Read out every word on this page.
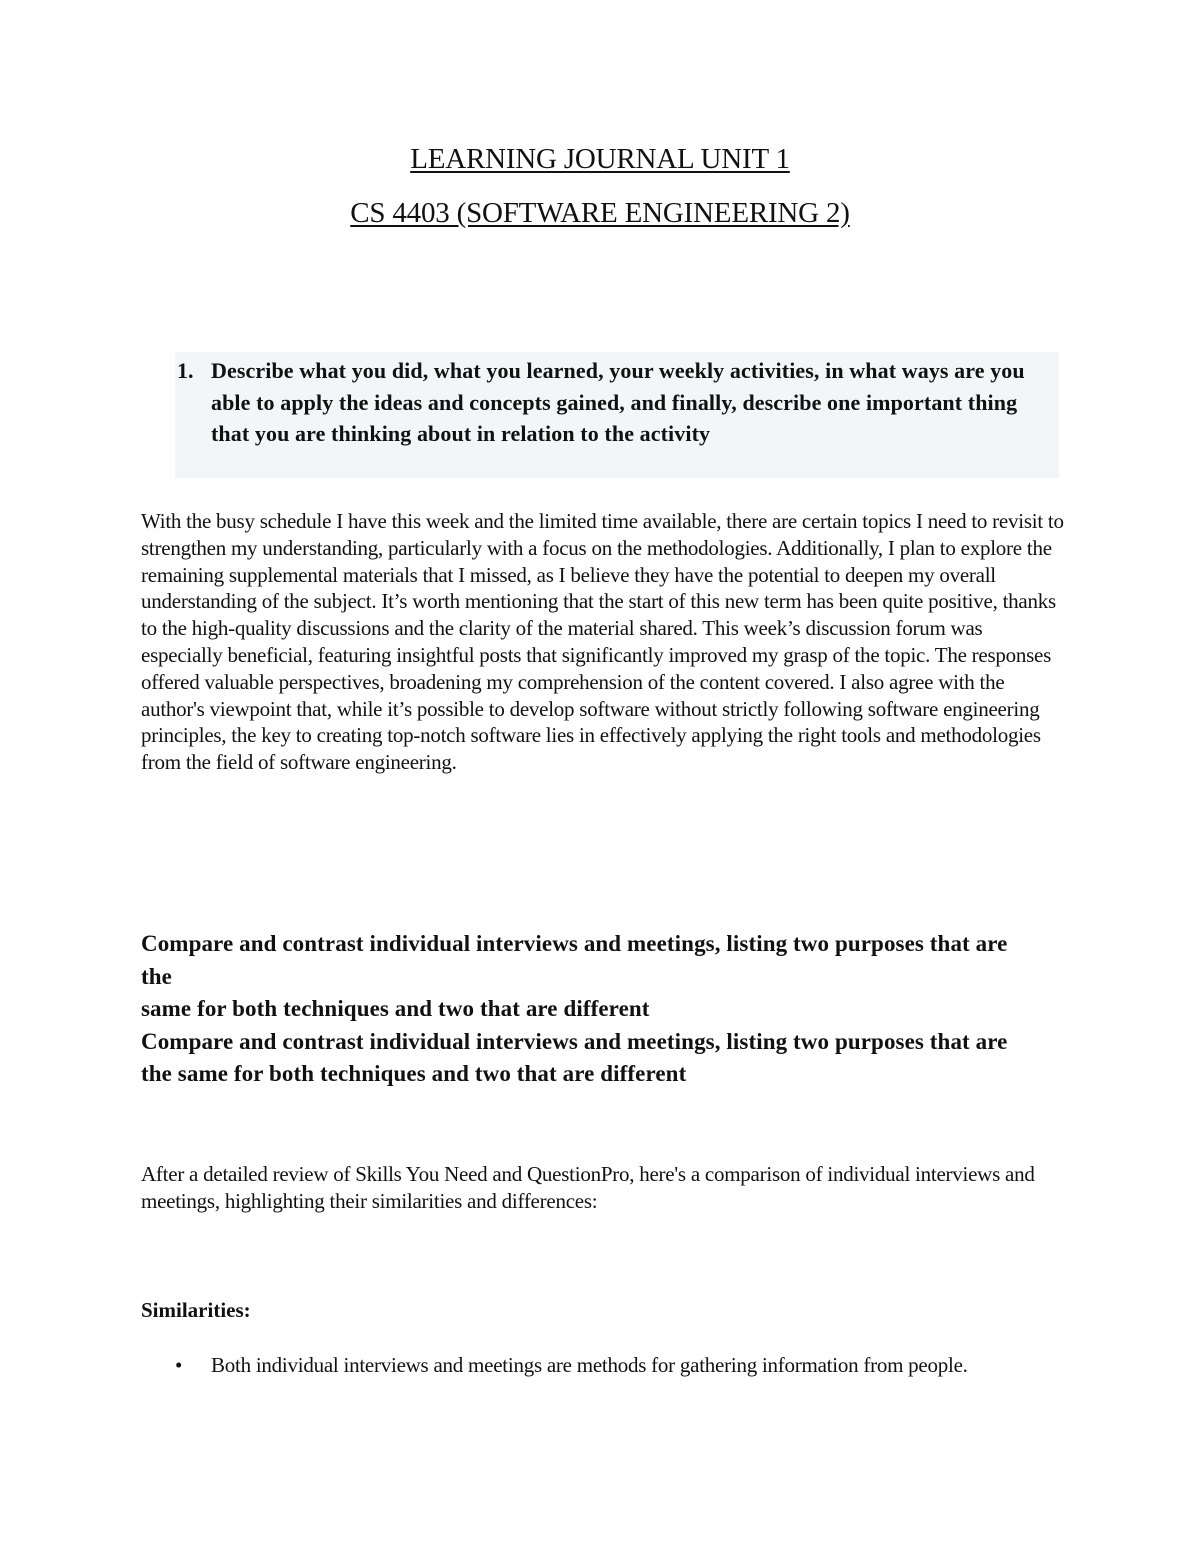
LEARNING JOURNAL UNIT 1
CS 4403 (SOFTWARE ENGINEERING 2)
1. Describe what you did, what you learned, your weekly activities, in what ways are you able to apply the ideas and concepts gained, and finally, describe one important thing that you are thinking about in relation to the activity

With the busy schedule I have this week and the limited time available, there are certain topics I need to revisit to strengthen my understanding, particularly with a focus on the methodologies. Additionally, I plan to explore the remaining supplemental materials that I missed, as I believe they have the potential to deepen my overall understanding of the subject. It’s worth mentioning that the start of this new term has been quite positive, thanks to the high-quality discussions and the clarity of the material shared. This week’s discussion forum was especially beneficial, featuring insightful posts that significantly improved my grasp of the topic. The responses offered valuable perspectives, broadening my comprehension of the content covered. I also agree with the author's viewpoint that, while it’s possible to develop software without strictly following software engineering principles, the key to creating top-notch software lies in effectively applying the right tools and methodologies from the field of software engineering.

Compare and contrast individual interviews and meetings, listing two purposes that are the
same for both techniques and two that are different
Compare and contrast individual interviews and meetings, listing two purposes that are the same for both techniques and two that are different

After a detailed review of Skills You Need and QuestionPro, here's a comparison of individual interviews and meetings, highlighting their similarities and differences:

Similarities:

• Both individual interviews and meetings are methods for gathering information from people.
